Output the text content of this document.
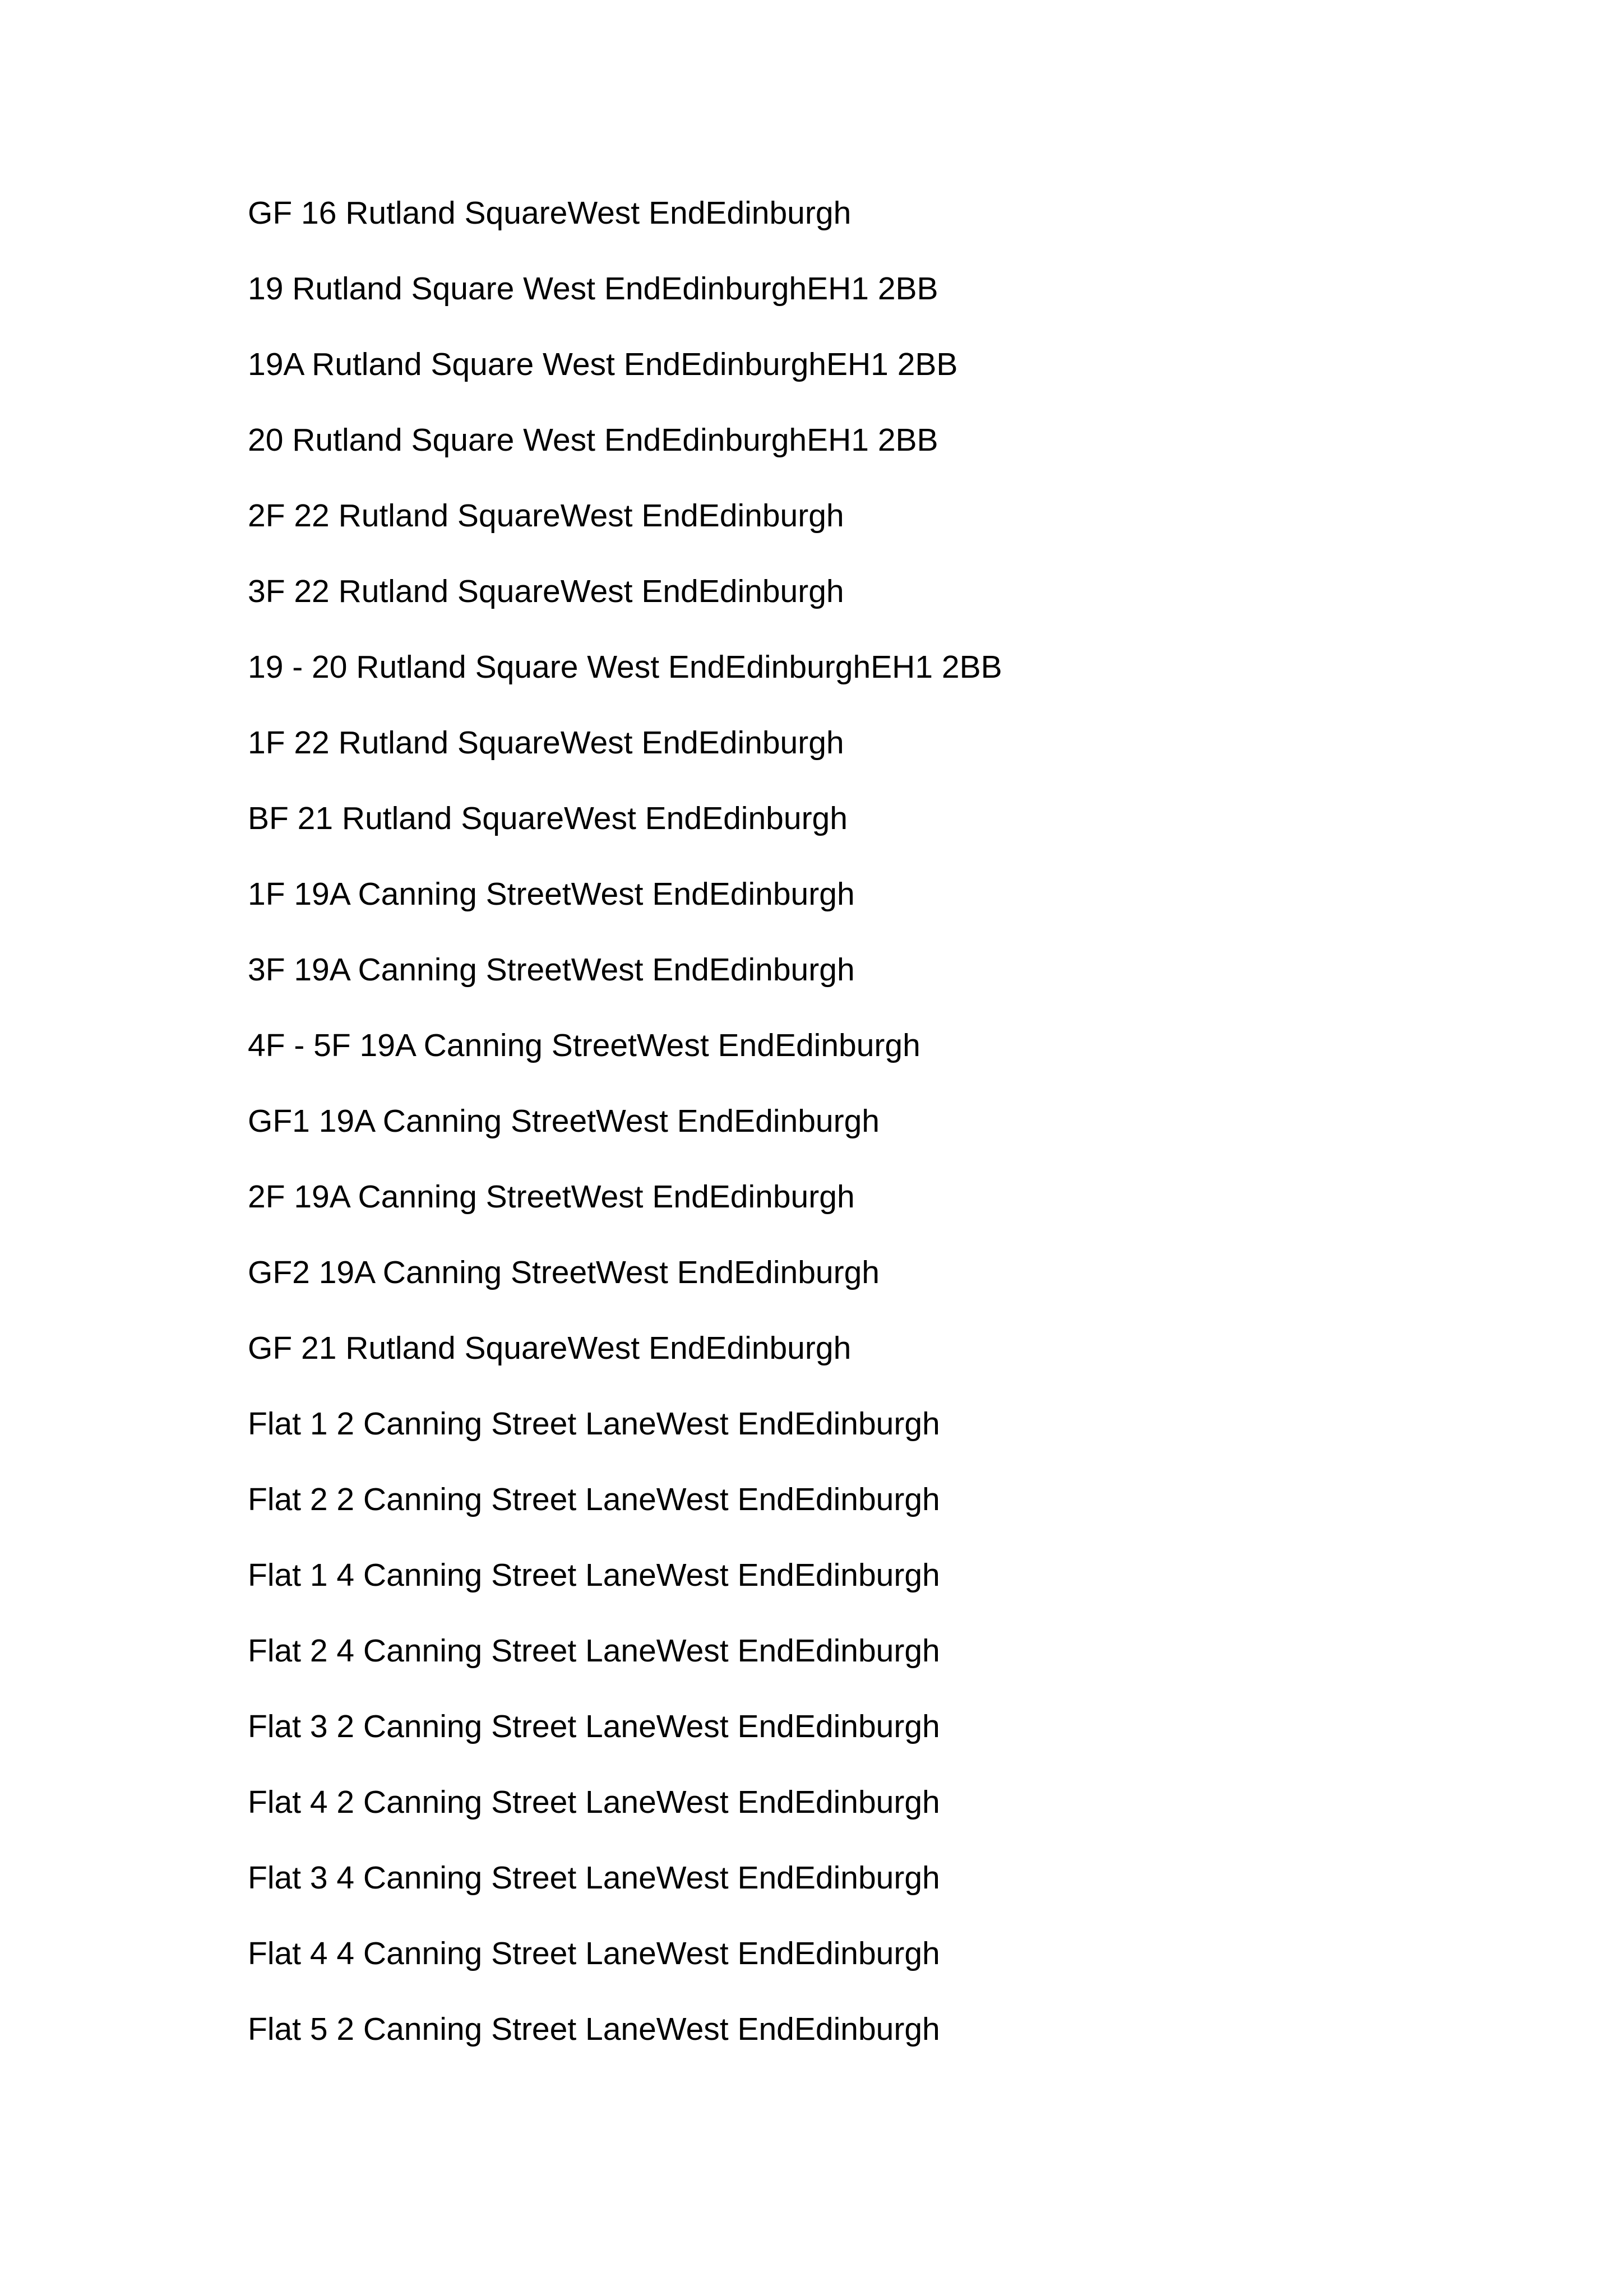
GF 16 Rutland SquareWest EndEdinburgh
19 Rutland Square West EndEdinburghEH1 2BB
19A Rutland Square West EndEdinburghEH1 2BB
20 Rutland Square West EndEdinburghEH1 2BB
2F 22 Rutland SquareWest EndEdinburgh
3F 22 Rutland SquareWest EndEdinburgh
19 - 20 Rutland Square West EndEdinburghEH1 2BB
1F 22 Rutland SquareWest EndEdinburgh
BF 21 Rutland SquareWest EndEdinburgh
1F 19A Canning StreetWest EndEdinburgh
3F 19A Canning StreetWest EndEdinburgh
4F - 5F 19A Canning StreetWest EndEdinburgh
GF1 19A Canning StreetWest EndEdinburgh
2F 19A Canning StreetWest EndEdinburgh
GF2 19A Canning StreetWest EndEdinburgh
GF 21 Rutland SquareWest EndEdinburgh
Flat 1 2 Canning Street LaneWest EndEdinburgh
Flat 2 2 Canning Street LaneWest EndEdinburgh
Flat 1 4 Canning Street LaneWest EndEdinburgh
Flat 2 4 Canning Street LaneWest EndEdinburgh
Flat 3 2 Canning Street LaneWest EndEdinburgh
Flat 4 2 Canning Street LaneWest EndEdinburgh
Flat 3 4 Canning Street LaneWest EndEdinburgh
Flat 4 4 Canning Street LaneWest EndEdinburgh
Flat 5 2 Canning Street LaneWest EndEdinburgh
